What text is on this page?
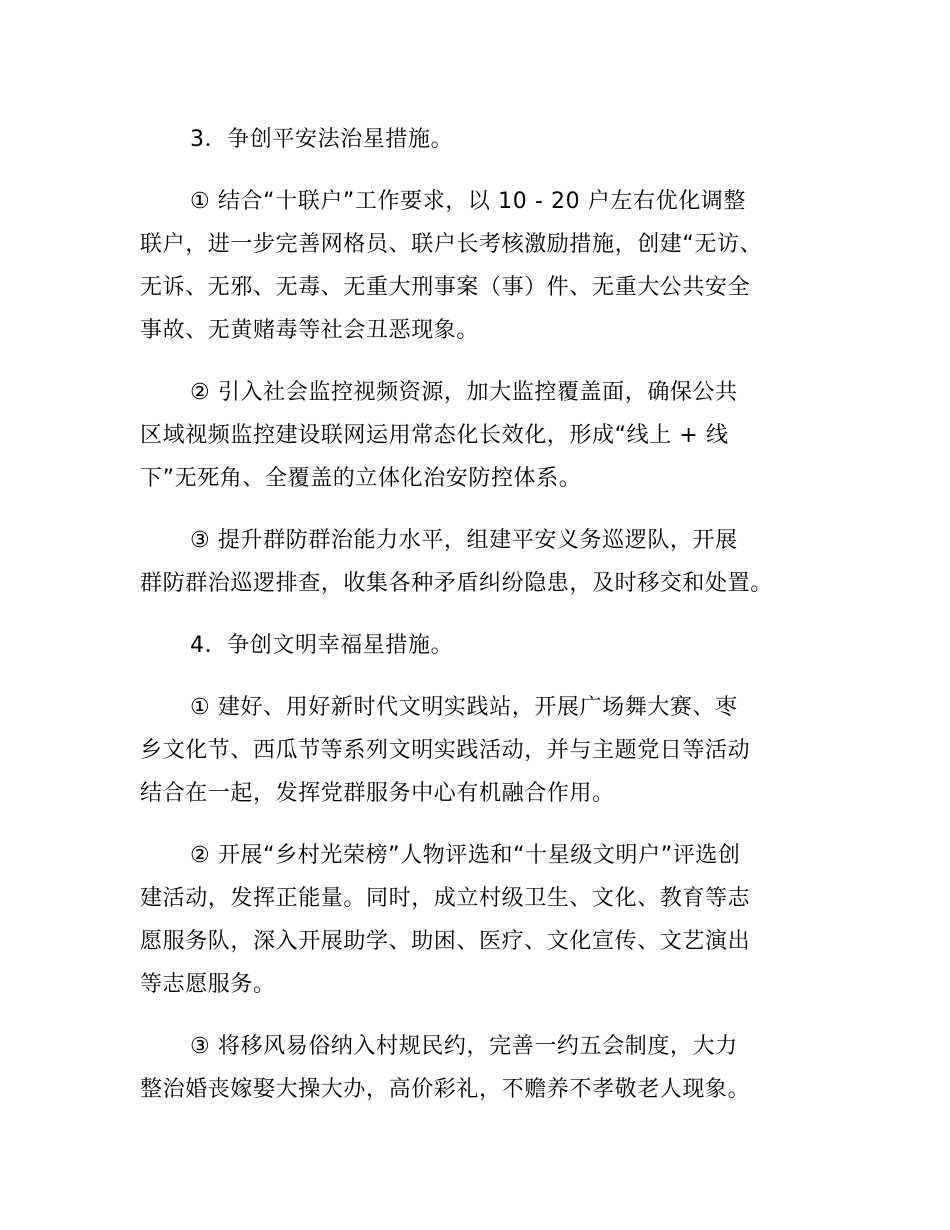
3．争创平安法治星措施。
① 结合“十联户”工作要求，以 10 - 20 户左右优化调整
联户，进一步完善网格员、联户长考核激励措施，创建“无访、
无诉、无邪、无毒、无重大刑事案（事）件、无重大公共安全
事故、无黄赌毒等社会丑恶现象。
② 引入社会监控视频资源，加大监控覆盖面，确保公共
区域视频监控建设联网运用常态化长效化，形成“线上 + 线
下”无死角、全覆盖的立体化治安防控体系。
③ 提升群防群治能力水平，组建平安义务巡逻队，开展
群防群治巡逻排查，收集各种矛盾纠纷隐患，及时移交和处置。
4．争创文明幸福星措施。
① 建好、用好新时代文明实践站，开展广场舞大赛、枣
乡文化节、西瓜节等系列文明实践活动，并与主题党日等活动
结合在一起，发挥党群服务中心有机融合作用。
② 开展“乡村光荣榜”人物评选和“十星级文明户”评选创
建活动，发挥正能量。同时，成立村级卫生、文化、教育等志
愿服务队，深入开展助学、助困、医疗、文化宣传、文艺演出
等志愿服务。
③ 将移风易俗纳入村规民约，完善一约五会制度，大力
整治婚丧嫁娶大操大办，高价彩礼，不赡养不孝敬老人现象。
